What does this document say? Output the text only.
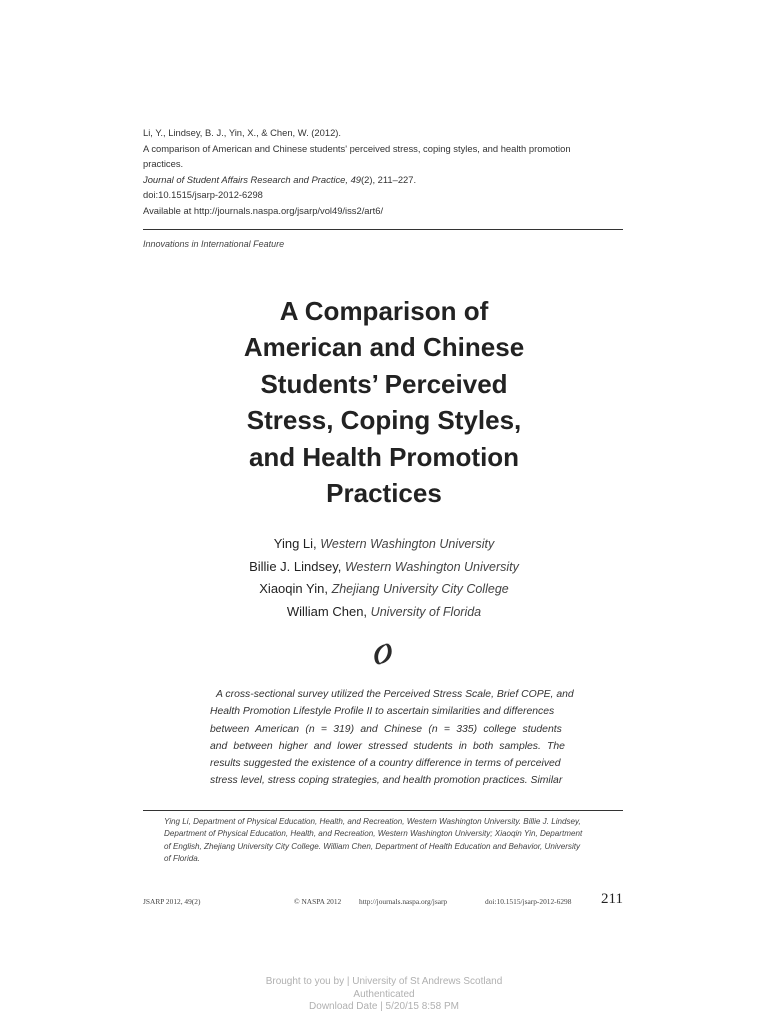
Li, Y., Lindsey, B. J., Yin, X., & Chen, W. (2012).
A comparison of American and Chinese students' perceived stress, coping styles, and health promotion
practices.
Journal of Student Affairs Research and Practice, 49(2), 211–227.
doi:10.1515/jsarp-2012-6298
Available at http://journals.naspa.org/jsarp/vol49/iss2/art6/
Innovations in International Feature
A Comparison of
American and Chinese
Students’ Perceived
Stress, Coping Styles,
and Health Promotion
Practices
Ying Li, Western Washington University
Billie J. Lindsey, Western Washington University
Xiaoqin Yin, Zhejiang University City College
William Chen, University of Florida
A cross-sectional survey utilized the Perceived Stress Scale, Brief COPE, and
Health Promotion Lifestyle Profile II to ascertain similarities and differences
between American (n = 319) and Chinese (n = 335) college students
and between higher and lower stressed students in both samples. The
results suggested the existence of a country difference in terms of perceived
stress level, stress coping strategies, and health promotion practices. Similar
Ying Li, Department of Physical Education, Health, and Recreation, Western Washington University. Billie J. Lindsey,
Department of Physical Education, Health, and Recreation, Western Washington University; Xiaoqin Yin, Department
of English, Zhejiang University City College. William Chen, Department of Health Education and Behavior, University
of Florida.
JSARP 2012, 49(2)	© NASPA 2012 http://journals.naspa.org/jsarp	doi:10.1515/jsarp-2012-6298 211
Brought to you by | University of St Andrews Scotland
Authenticated
Download Date | 5/20/15 8:58 PM
